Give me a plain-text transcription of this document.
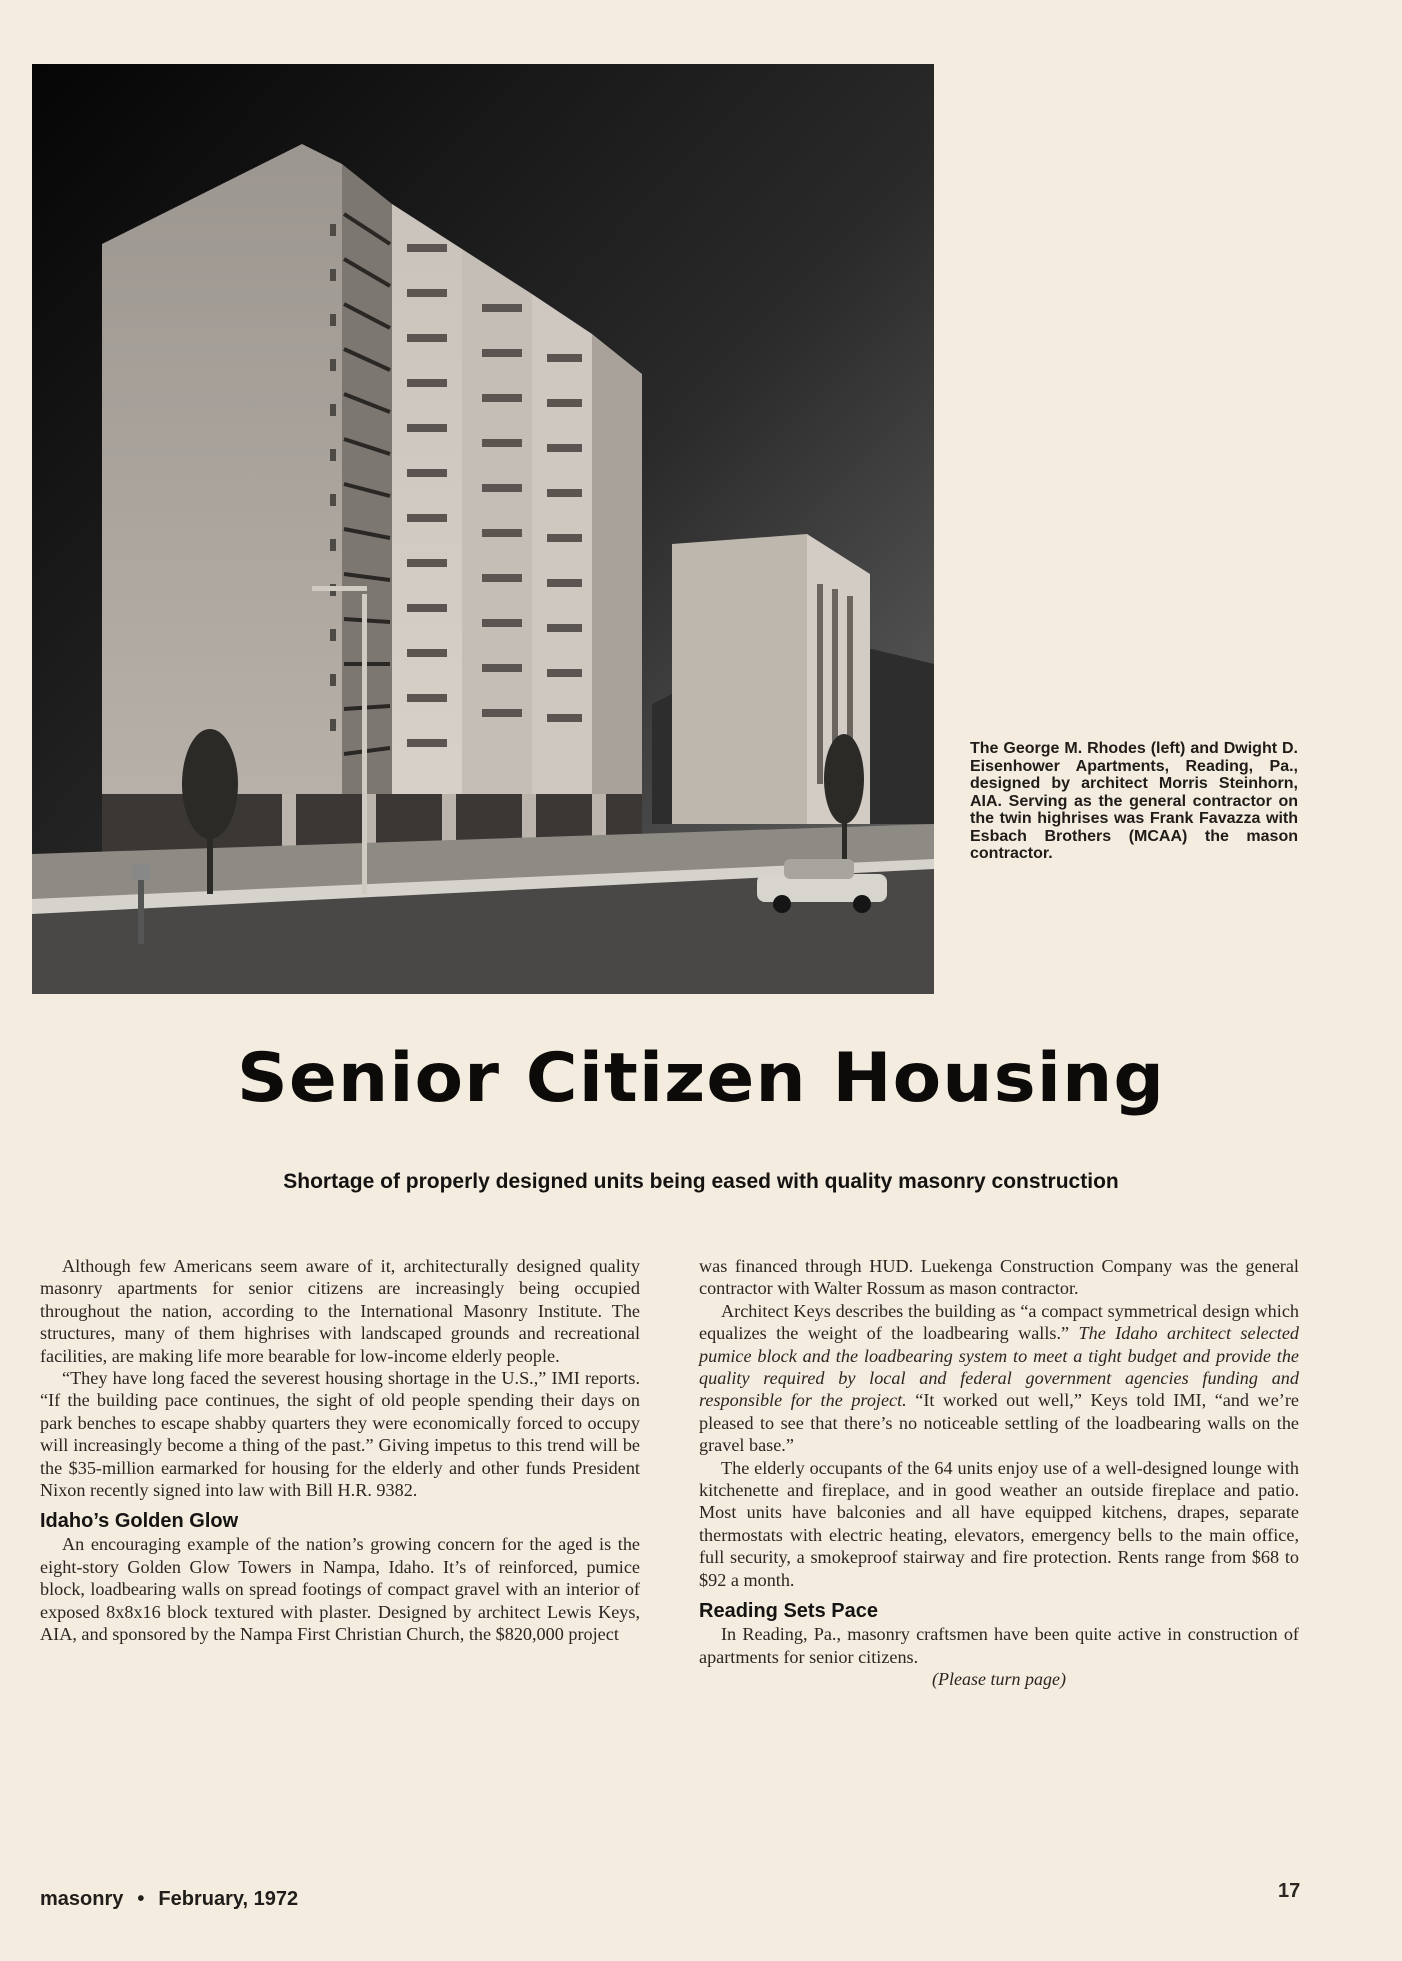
The George M. Rhodes (left) and Dwight D. Eisenhower Apartments, Reading, Pa., designed by architect Morris Steinhorn, AIA. Serving as the general contractor on the twin highrises was Frank Favazza with Esbach Brothers (MCAA) the mason contractor.
Senior Citizen Housing
Shortage of properly designed units being eased with quality masonry construction

Although few Americans seem aware of it, architecturally designed quality masonry apartments for senior citizens are increasingly being occupied throughout the nation, according to the International Masonry Institute. The structures, many of them highrises with landscaped grounds and recreational facilities, are making life more bearable for low-income elderly people.

“They have long faced the severest housing shortage in the U.S.,” IMI reports. “If the building pace continues, the sight of old people spending their days on park benches to escape shabby quarters they were economically forced to occupy will increasingly become a thing of the past.” Giving impetus to this trend will be the $35-million earmarked for housing for the elderly and other funds President Nixon recently signed into law with Bill H.R. 9382.

Idaho’s Golden Glow

An encouraging example of the nation’s growing concern for the aged is the eight-story Golden Glow Towers in Nampa, Idaho. It’s of reinforced, pumice block, loadbearing walls on spread footings of compact gravel with an interior of exposed 8x8x16 block textured with plaster. Designed by architect Lewis Keys, AIA, and sponsored by the Nampa First Christian Church, the $820,000 project

was financed through HUD. Luekenga Construction Company was the general contractor with Walter Rossum as mason contractor.

Architect Keys describes the building as “a compact symmetrical design which equalizes the weight of the loadbearing walls.” The Idaho architect selected pumice block and the loadbearing system to meet a tight budget and provide the quality required by local and federal government agencies funding and responsible for the project. “It worked out well,” Keys told IMI, “and we’re pleased to see that there’s no noticeable settling of the loadbearing walls on the gravel base.”

The elderly occupants of the 64 units enjoy use of a well-designed lounge with kitchenette and fireplace, and in good weather an outside fireplace and patio. Most units have balconies and all have equipped kitchens, drapes, separate thermostats with electric heating, elevators, emergency bells to the main office, full security, a smokeproof stairway and fire protection. Rents range from $68 to $92 a month.

Reading Sets Pace

In Reading, Pa., masonry craftsmen have been quite active in construction of apartments for senior citizens.

(Please turn page)
masonry • February, 1972	17
